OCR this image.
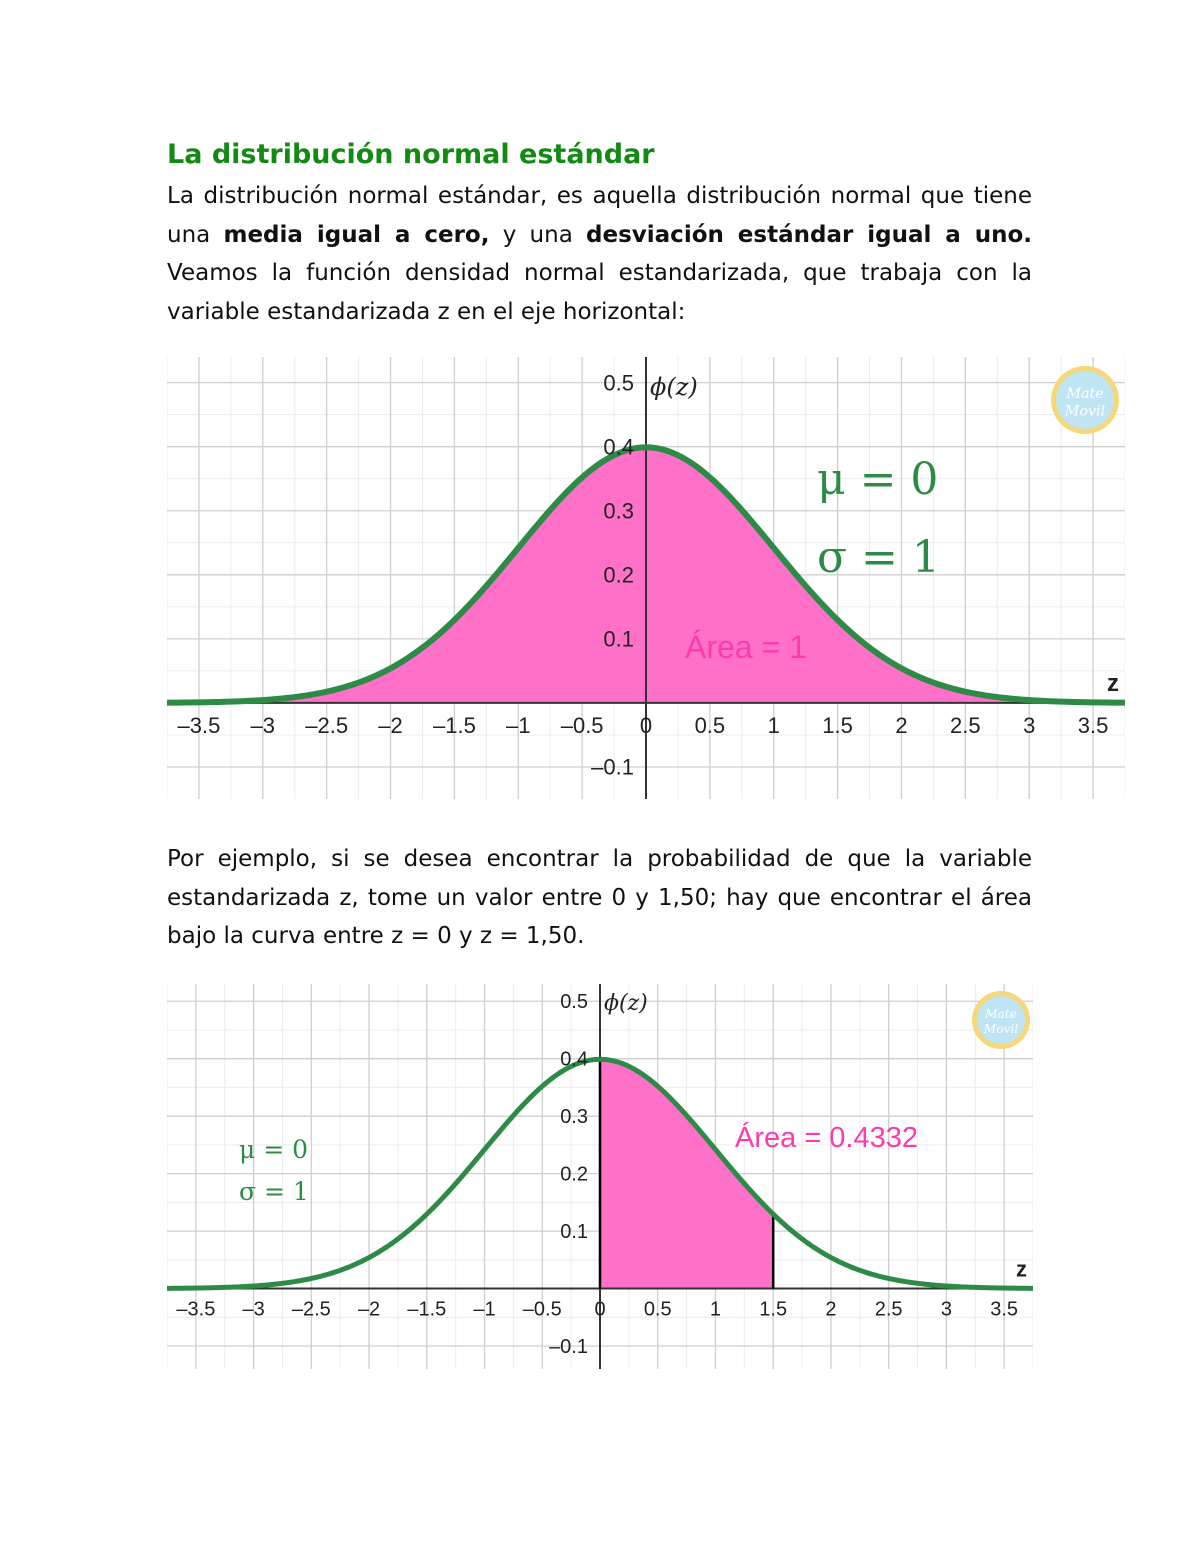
La distribución normal estándar

La distribución normal estándar, es aquella distribución normal que tiene una media igual a cero, y una desviación estándar igual a uno. Veamos la función densidad normal estandarizada, que trabaja con la variable estandarizada z en el eje horizontal:

–3.5 –3 –2.5 –2 –1.5 –1 –0.5 0 0.5 1 1.5 2 2.5 3 3.5
–0.1
0.1
0.2
0.3
0.4
0.5 ϕ(z)
z
μ = 0
σ = 1
Área = 1
Mate
Movil

Por ejemplo, si se desea encontrar la probabilidad de que la variable estandarizada z, tome un valor entre 0 y 1,50; hay que encontrar el área bajo la curva entre z = 0 y z = 1,50.

–3.5 –3 –2.5 –2 –1.5 –1 –0.5 0 0.5 1 1.5 2 2.5 3 3.5
–0.1
0.1
0.2
0.3
0.4
0.5 ϕ(z)
z
μ = 0
σ = 1
Área = 0.4332
Mate
Movil
